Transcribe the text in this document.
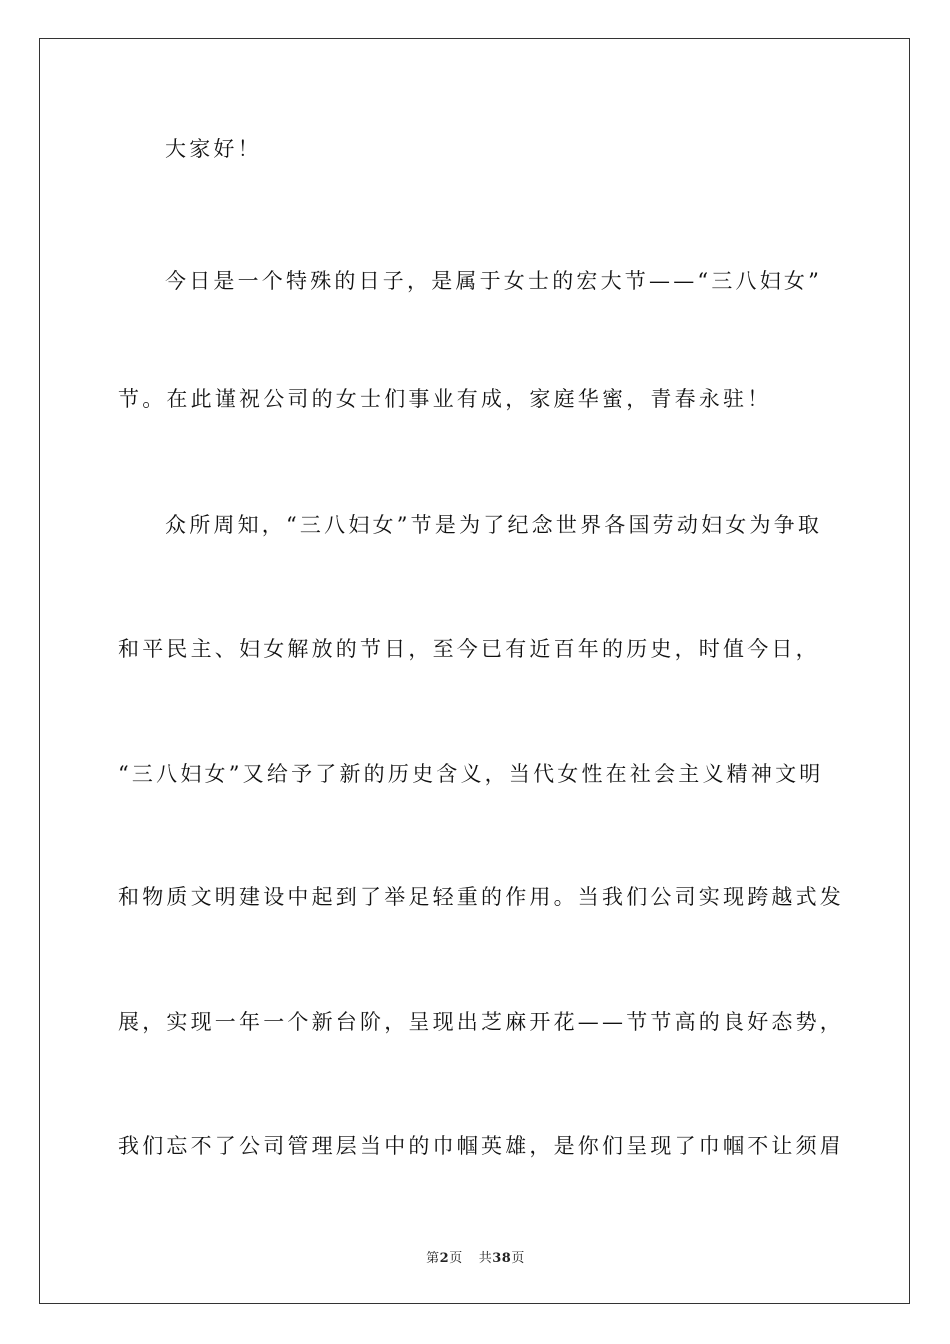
大家好！
今日是一个特殊的日子，是属于女士的宏大节——“三八妇女”
节。在此谨祝公司的女士们事业有成，家庭华蜜，青春永驻！
众所周知，“三八妇女”节是为了纪念世界各国劳动妇女为争取
和平民主、妇女解放的节日，至今已有近百年的历史，时值今日，
“三八妇女”又给予了新的历史含义，当代女性在社会主义精神文明
和物质文明建设中起到了举足轻重的作用。当我们公司实现跨越式发
展，实现一年一个新台阶，呈现出芝麻开花——节节高的良好态势，
我们忘不了公司管理层当中的巾帼英雄，是你们呈现了巾帼不让须眉
第2页 共38页
